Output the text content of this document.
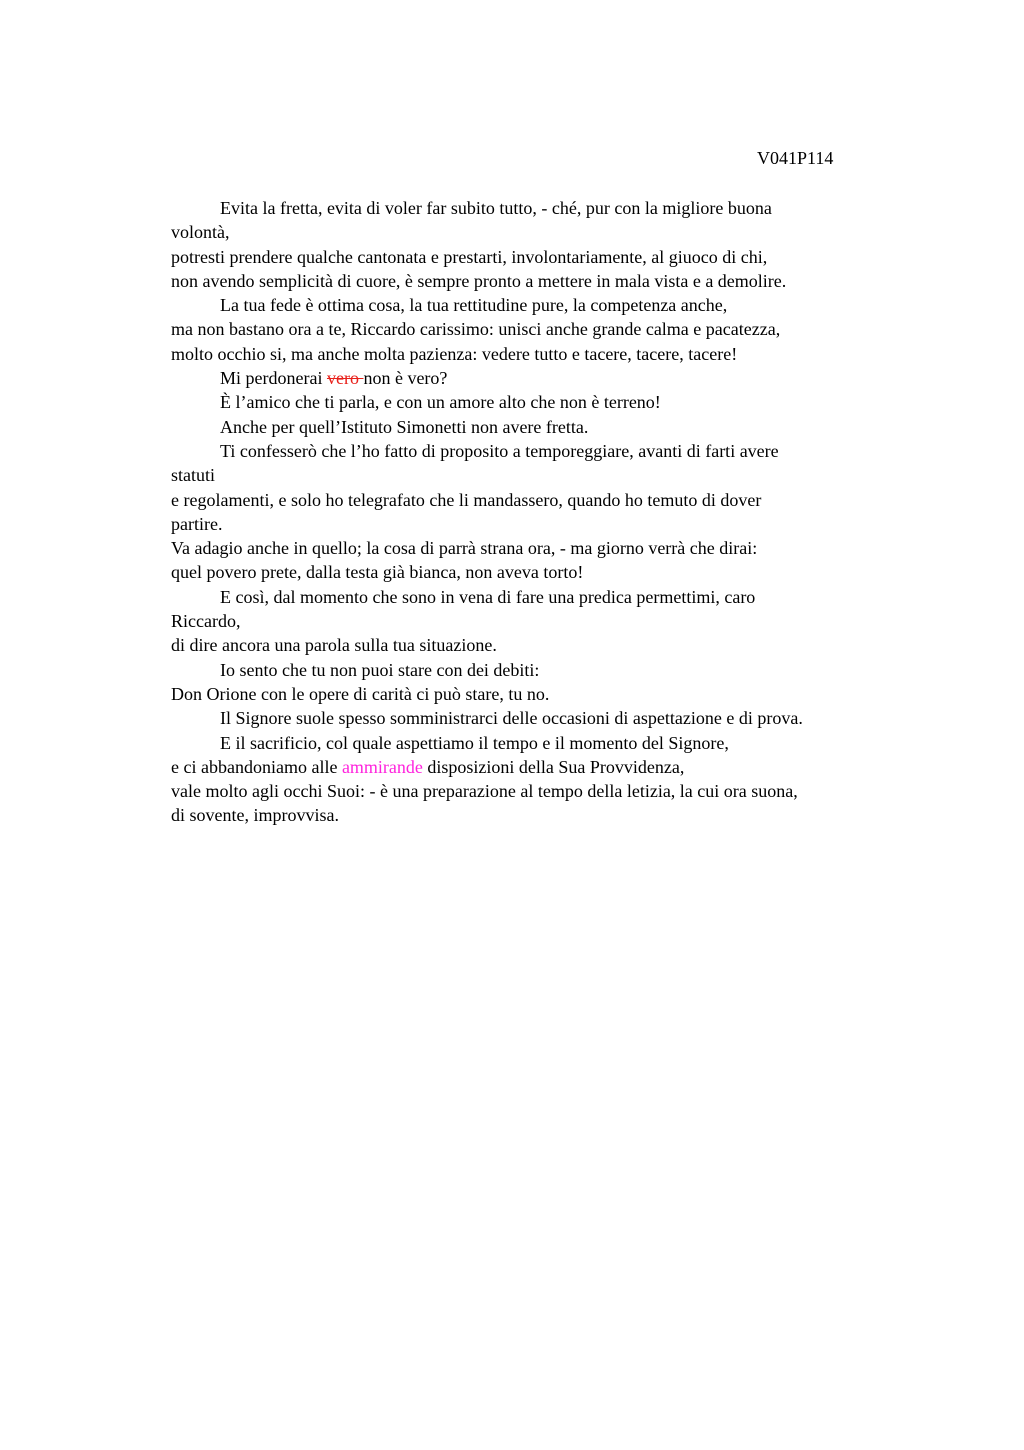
V041P114
Evita la fretta, evita di voler far subito tutto, - ché, pur con la migliore buona
volontà,
potresti prendere qualche cantonata e prestarti, involontariamente, al giuoco di chi,
non avendo semplicità di cuore, è sempre pronto a mettere in mala vista e a demolire.
La tua fede è ottima cosa, la tua rettitudine pure, la competenza anche,
ma non bastano ora a te, Riccardo carissimo: unisci anche grande calma e pacatezza,
molto occhio si, ma anche molta pazienza: vedere tutto e tacere, tacere, tacere!
Mi perdonerai vero non è vero?
È l’amico che ti parla, e con un amore alto che non è terreno!
Anche per quell’Istituto Simonetti non avere fretta.
Ti confesserò che l’ho fatto di proposito a temporeggiare, avanti di farti avere
statuti
e regolamenti, e solo ho telegrafato che li mandassero, quando ho temuto di dover
partire.
Va adagio anche in quello; la cosa di parrà strana ora, - ma giorno verrà che dirai:
quel povero prete, dalla testa già bianca, non aveva torto!
E così, dal momento che sono in vena di fare una predica permettimi, caro
Riccardo,
di dire ancora una parola sulla tua situazione.
Io sento che tu non puoi stare con dei debiti:
Don Orione con le opere di carità ci può stare, tu no.
Il Signore suole spesso somministrarci delle occasioni di aspettazione e di prova.
E il sacrificio, col quale aspettiamo il tempo e il momento del Signore,
e ci abbandoniamo alle ammirande disposizioni della Sua Provvidenza,
vale molto agli occhi Suoi: - è una preparazione al tempo della letizia, la cui ora suona,
di sovente, improvvisa.
